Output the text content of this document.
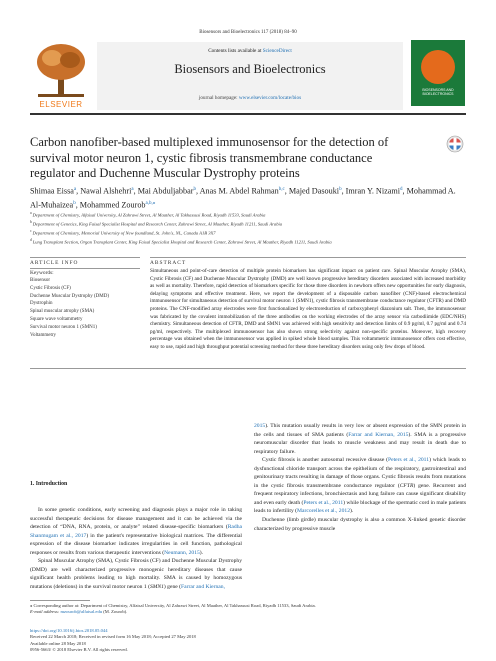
Biosensors and Bioelectronics 117 (2018) 84–90
ELSEVIER
Contents lists available at ScienceDirect
Biosensors and Bioelectronics
journal homepage: www.elsevier.com/locate/bios
BIOSENSORS AND BIOELECTRONICS
Carbon nanofiber-based multiplexed immunosensor for the detection of survival motor neuron 1, cystic fibrosis transmembrane conductance regulator and Duchenne Muscular Dystrophy proteins
Shimaa Eissa$^a$, Nawal Alshehri$^a$, Mai Abduljabbar$^b$, Anas M. Abdel Rahman$^{b,c}$, Majed Dasouki$^b$, Imran Y. Nizami$^d$, Mohammad A. Al-Muhaizea$^b$, Mohammed Zourob$^{a,b,⁎}$
$^a$ Department of Chemistry, Alfaisal University, Al Zahrawi Street, Al Maather, Al Takhassusi Road, Riyadh 11533, Saudi Arabia
$^b$ Department of Genetics, King Faisal Specialist Hospital and Research Center, Zahrawi Street, Al Maather, Riyadh 11211, Saudi Arabia
$^c$ Department of Chemistry, Memorial University of New foundland, St. John's, NL, Canada A1B 3X7
$^d$ Lung Transplant Section, Organ Transplant Center, King Faisal Specialist Hospital and Research Center, Zahrawi Street, Al Maather, Riyadh 11211, Saudi Arabia
ARTICLE INFO	ABSTRACT
Keywords:
Biosensor
Cystic Fibrosis (CF)
Duchenne Muscular Dystrophy (DMD)
Dystrophin
Spinal muscular atrophy (SMA)
Square wave voltammetry
Survival motor neuron 1 (SMN1)
Voltammetry
Simultaneous and point-of-care detection of multiple protein biomarkers has significant impact on patient care. Spinal Muscular Atrophy (SMA), Cystic Fibrosis (CF) and Duchenne Muscular Dystrophy (DMD) are well known progressive hereditary disorders associated with increased morbidity as well as mortality. Therefore, rapid detection of biomarkers specific for those three disorders in newborn offers new opportunities for early diagnosis, delaying symptoms and effective treatment. Here, we report the development of a disposable carbon nanofiber (CNF)-based electrochemical immunosensor for simultaneous detection of survival motor neuron 1 (SMN1), cystic fibrosis transmembrane conductance regulator (CFTR) and DMD proteins. The CNF-modified array electrodes were first functionalized by electroreduction of carboxyphenyl diazonium salt. Then, the immunosensor was fabricated by the covalent immobilization of the three antibodies on the working electrodes of the array sensor via carbodiimide (EDC/NHS) chemistry. Simultaneous detection of CFTR, DMD and SMN1 was achieved with high sensitivity and detection limits of 0.9 pg/ml, 0.7 pg/ml and 0.74 pg/ml, respectively. The multiplexed immunosensor has also shown strong selectivity against non-specific proteins. Moreover, high recovery percentage was obtained when the immunosensor was applied in spiked whole blood samples. This voltammetric immunosensor offers cost effective, easy to use, rapid and high throughput potential screening method for these three hereditary disorders using only few drops of blood.
1. Introduction

In some genetic conditions, early screening and diagnosis plays a major role in taking successful therapeutic decisions for disease management and it can be achieved via the detection of “DNA, RNA, protein, or analyte” related disease-specific biomarkers (Radha Shanmugam et al., 2017) in the patient's representative biological matrices. The differential expression of the disease biomarker indicates irregularities in cell function, pathological responses or results from various therapeutic interventions (Neumann, 2015).

Spinal Muscular Atrophy (SMA), Cystic Fibrosis (CF) and Duchenne Muscular Dystrophy (DMD) are well characterized progressive monogenic hereditary diseases that cause significant health problems leading to high mortality. SMA is caused by homozygous mutations (deletions) in the survival motor neuron 1 (SMN1) gene (Farrar and Kiernan,

2015). This mutation usually results in very low or absent expression of the SMN protein in the cells and tissues of SMA patients (Farrar and Kiernan, 2015). SMA is a progressive neuromuscular disorder that leads to muscle weakness and may result in death due to respiratory failure.

Cystic fibrosis is another autosomal recessive disease (Peters et al., 2011) which leads to dysfunctional chloride transport across the epithelium of the respiratory, gastrointestinal and genitourinary tracts resulting in damage of those organs. Cystic fibrosis results from mutations in the cystic fibrosis transmembrane conductance regulator (CFTR) gene. Recurrent and frequent respiratory infections, bronchiectasis and lung failure can cause significant disability and even early death (Peters et al., 2011) while blockage of the spermatic cord in male patients leads to infertility (Marcorelles et al., 2012).

Duchenne (limb girdle) muscular dystrophy is also a common X-linked genetic disorder characterized by progressive muscle

⁎ Corresponding author at: Department of Chemistry, Alfaisal University, Al Zahrawi Street, Al Maather, Al Takhassusi Road, Riyadh 11533, Saudi Arabia.
E-mail address: mzourob@alfaisal.edu (M. Zourob).
https://doi.org/10.1016/j.bios.2018.05.044
Received 22 March 2018; Received in revised form 16 May 2018; Accepted 27 May 2018
Available online 28 May 2018
0956-5663/ © 2018 Elsevier B.V. All rights reserved.
